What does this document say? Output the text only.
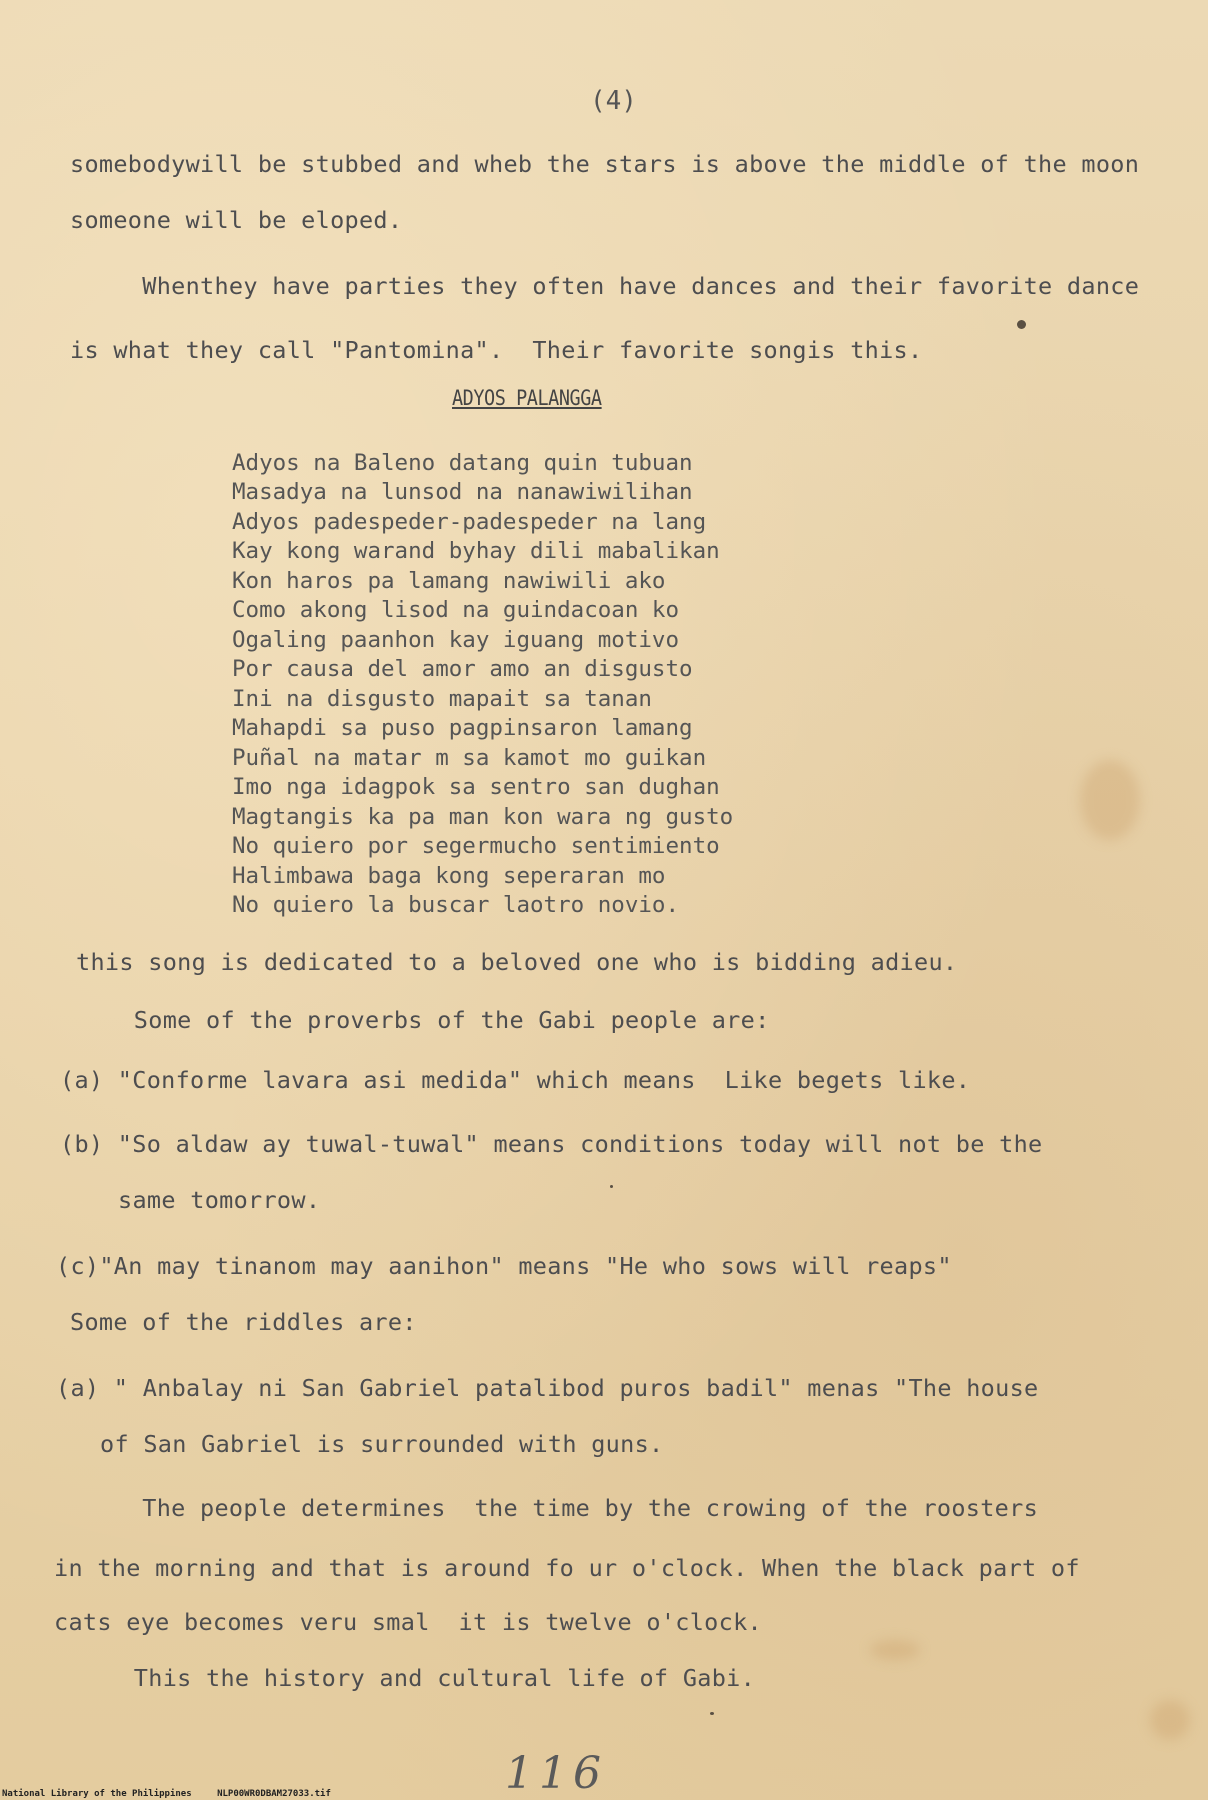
(4)
somebodywill be stubbed and wheb the stars is above the middle of the moon
someone will be eloped.
Whenthey have parties they often have dances and their favorite dance
is what they call "Pantomina".  Their favorite songis this.
ADYOS PALANGGA
Adyos na Baleno datang quin tubuan
Masadya na lunsod na nanawiwilihan
Adyos padespeder-padespeder na lang
Kay kong warand byhay dili mabalikan
Kon haros pa lamang nawiwili ako
Como akong lisod na guindacoan ko
Ogaling paanhon kay iguang motivo
Por causa del amor amo an disgusto
Ini na disgusto mapait sa tanan
Mahapdi sa puso pagpinsaron lamang
Puñal na matar m sa kamot mo guikan
Imo nga idagpok sa sentro san dughan
Magtangis ka pa man kon wara ng gusto
No quiero por segermucho sentimiento
Halimbawa baga kong seperaran mo
No quiero la buscar laotro novio.
this song is dedicated to a beloved one who is bidding adieu.
Some of the proverbs of the Gabi people are:
(a) "Conforme lavara asi medida" which means  Like begets like.
(b) "So aldaw ay tuwal-tuwal" means conditions today will not be the
same tomorrow.
(c)"An may tinanom may aanihon" means "He who sows will reaps"
Some of the riddles are:
(a) " Anbalay ni San Gabriel patalibod puros badil" menas "The house
of San Gabriel is surrounded with guns.
The people determines  the time by the crowing of the roosters
in the morning and that is around fo ur o'clock. When the black part of
cats eye becomes veru smal  it is twelve o'clock.
This the history and cultural life of Gabi.
116
National Library of the Philippines	NLP00WR0DBAM27033.tif
